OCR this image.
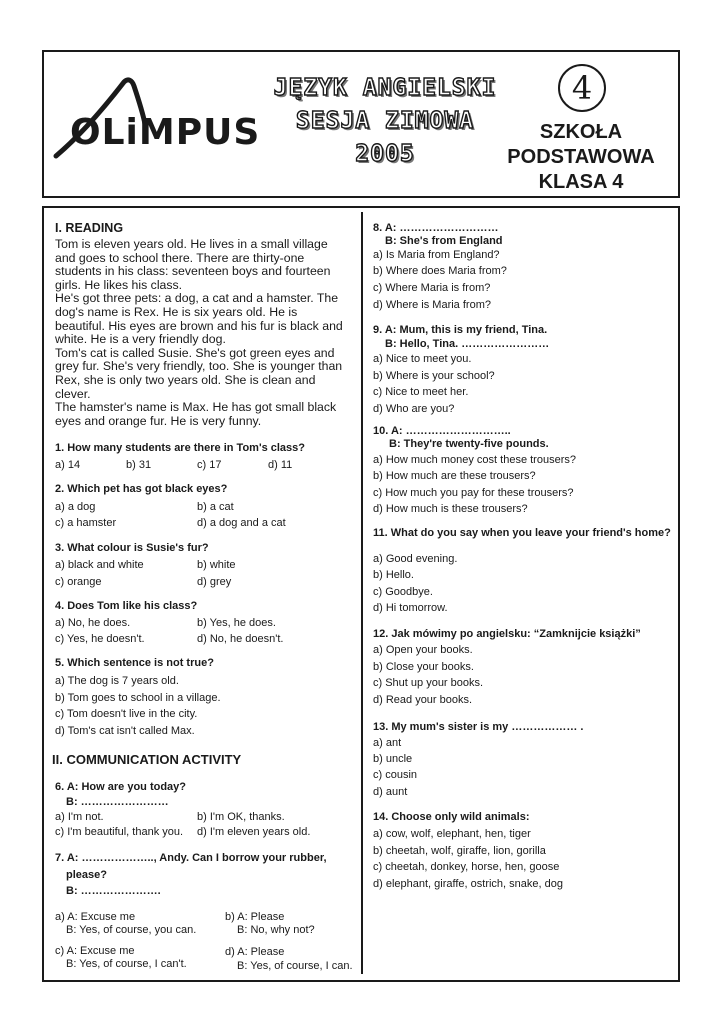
OLiMPUS
JĘZYK ANGIELSKI
SESJA ZIMOWA
2005
4
SZKOŁA
PODSTAWOWA
KLASA 4
I. READING
Tom is eleven years old. He lives in a small village
and goes to school there. There are thirty-one
students in his class: seventeen boys and fourteen
girls. He likes his class.
He's got three pets: a dog, a cat and a hamster. The
dog's name is Rex. He is six years old. He is
beautiful. His eyes are brown and his fur is black and
white. He is a very friendly dog.
Tom's cat is called Susie. She's got green eyes and
grey fur. She's very friendly, too. She is younger than
Rex, she is only two years old. She is clean and
clever.
The hamster's name is Max. He has got small black
eyes and orange fur. He is very funny.
1. How many students are there in Tom's class?
a) 14	b) 31	c) 17	d) 11
2. Which pet has got black eyes?
a) a dog	b) a cat
c) a hamster	d) a dog and a cat
3. What colour is Susie's fur?
a) black and white	b) white
c) orange	d) grey
4. Does Tom like his class?
a) No, he does.	b) Yes, he does.
c) Yes, he doesn't.	d) No, he doesn't.
5. Which sentence is not true?
a) The dog is 7 years old.
b) Tom goes to school in a village.
c) Tom doesn't live in the city.
d) Tom's cat isn't called Max.
II. COMMUNICATION ACTIVITY
6. A: How are you today?
B: ……………………
a) I'm not.	b) I'm OK, thanks.
c) I'm beautiful, thank you. d) I'm eleven years old.
7. A: ……………….., Andy. Can I borrow your rubber,
please?
B: ………………….
a) A: Excuse me
B: Yes, of course, you can.
b) A: Please
B: No, why not?
c) A: Excuse me
B: Yes, of course, I can't.
d) A: Please
B: Yes, of course, I can.
8. A: ………………………
B: She's from England
a) Is Maria from England?
b) Where does Maria from?
c) Where Maria is from?
d) Where is Maria from?
9. A: Mum, this is my friend, Tina.
B: Hello, Tina. ……………………
a) Nice to meet you.
b) Where is your school?
c) Nice to meet her.
d) Who are you?
10. A: ………………………..
B: They're twenty-five pounds.
a) How much money cost these trousers?
b) How much are these trousers?
c) How much you pay for these trousers?
d) How much is these trousers?
11. What do you say when you leave your friend's home?
a) Good evening.
b) Hello.
c) Goodbye.
d) Hi tomorrow.
12. Jak mówimy po angielsku: “Zamknijcie książki”
a) Open your books.
b) Close your books.
c) Shut up your books.
d) Read your books.
13. My mum's sister is my ……………… .
a) ant
b) uncle
c) cousin
d) aunt
14. Choose only wild animals:
a) cow, wolf, elephant, hen, tiger
b) cheetah, wolf, giraffe, lion, gorilla
c) cheetah, donkey, horse, hen, goose
d) elephant, giraffe, ostrich, snake, dog
